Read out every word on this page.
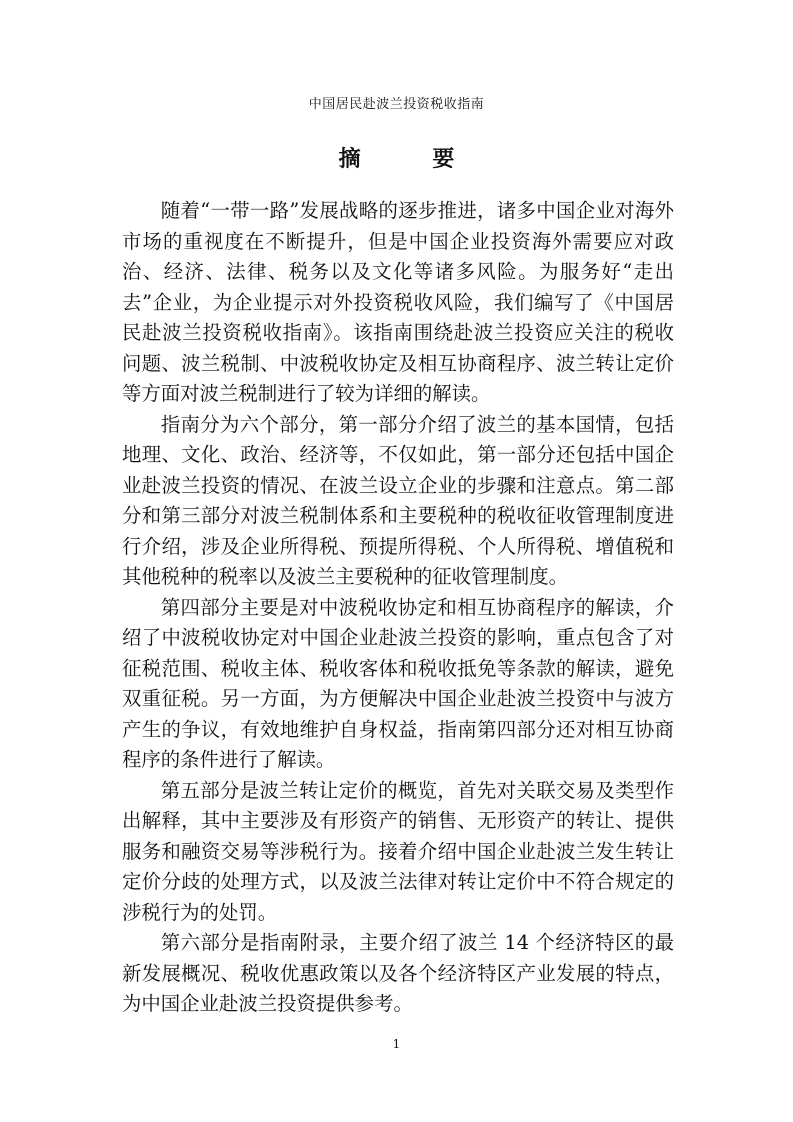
中国居民赴波兰投资税收指南
摘 要

随着“一带一路”发展战略的逐步推进，诸多中国企业对海外市场的重视度在不断提升，但是中国企业投资海外需要应对政治、经济、法律、税务以及文化等诸多风险。为服务好“走出去”企业，为企业提示对外投资税收风险，我们编写了《中国居民赴波兰投资税收指南》。该指南围绕赴波兰投资应关注的税收问题、波兰税制、中波税收协定及相互协商程序、波兰转让定价等方面对波兰税制进行了较为详细的解读。

指南分为六个部分，第一部分介绍了波兰的基本国情，包括地理、文化、政治、经济等，不仅如此，第一部分还包括中国企业赴波兰投资的情况、在波兰设立企业的步骤和注意点。第二部分和第三部分对波兰税制体系和主要税种的税收征收管理制度进行介绍，涉及企业所得税、预提所得税、个人所得税、增值税和其他税种的税率以及波兰主要税种的征收管理制度。

第四部分主要是对中波税收协定和相互协商程序的解读，介绍了中波税收协定对中国企业赴波兰投资的影响，重点包含了对征税范围、税收主体、税收客体和税收抵免等条款的解读，避免双重征税。另一方面，为方便解决中国企业赴波兰投资中与波方产生的争议，有效地维护自身权益，指南第四部分还对相互协商程序的条件进行了解读。

第五部分是波兰转让定价的概览，首先对关联交易及类型作出解释，其中主要涉及有形资产的销售、无形资产的转让、提供服务和融资交易等涉税行为。接着介绍中国企业赴波兰发生转让定价分歧的处理方式，以及波兰法律对转让定价中不符合规定的涉税行为的处罚。

第六部分是指南附录，主要介绍了波兰 14 个经济特区的最新发展概况、税收优惠政策以及各个经济特区产业发展的特点，为中国企业赴波兰投资提供参考。

1
